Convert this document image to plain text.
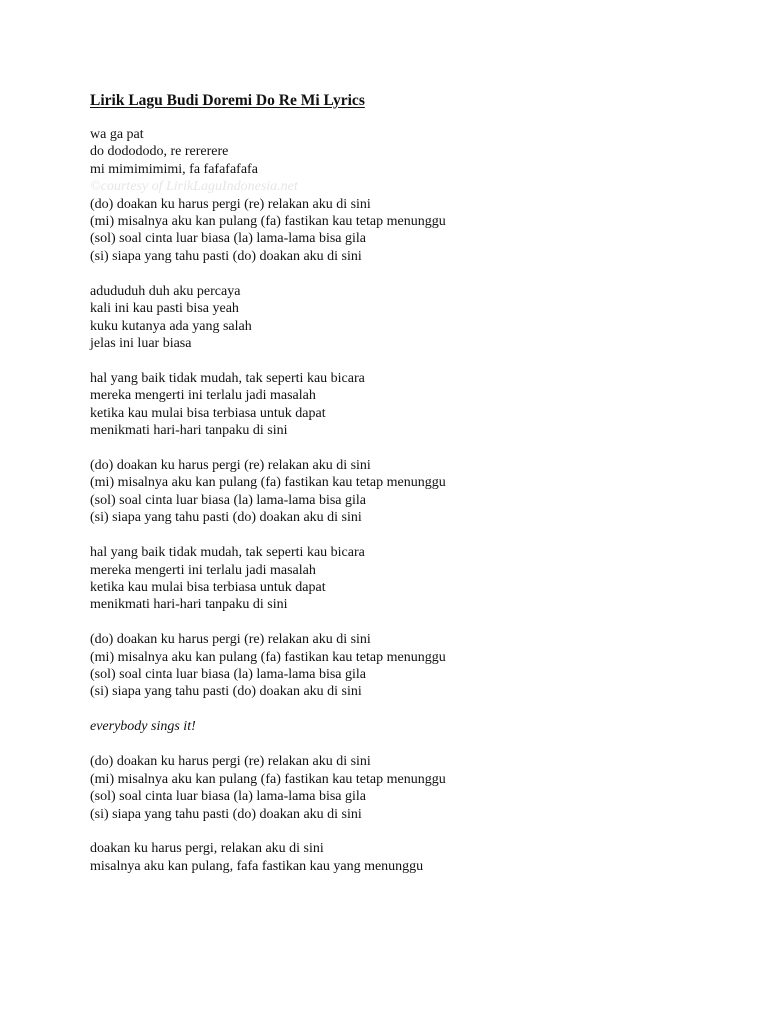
Lirik Lagu Budi Doremi Do Re Mi Lyrics
wa ga pat
do dodododo, re rererere
mi mimimimimi, fa fafafafafa
©courtesy of LirikLaguIndonesia.net
(do) doakan ku harus pergi (re) relakan aku di sini
(mi) misalnya aku kan pulang (fa) fastikan kau tetap menunggu
(sol) soal cinta luar biasa (la) lama-lama bisa gila
(si) siapa yang tahu pasti (do) doakan aku di sini
adududuh duh aku percaya
kali ini kau pasti bisa yeah
kuku kutanya ada yang salah
jelas ini luar biasa
hal yang baik tidak mudah, tak seperti kau bicara
mereka mengerti ini terlalu jadi masalah
ketika kau mulai bisa terbiasa untuk dapat
menikmati hari-hari tanpaku di sini
(do) doakan ku harus pergi (re) relakan aku di sini
(mi) misalnya aku kan pulang (fa) fastikan kau tetap menunggu
(sol) soal cinta luar biasa (la) lama-lama bisa gila
(si) siapa yang tahu pasti (do) doakan aku di sini
hal yang baik tidak mudah, tak seperti kau bicara
mereka mengerti ini terlalu jadi masalah
ketika kau mulai bisa terbiasa untuk dapat
menikmati hari-hari tanpaku di sini
(do) doakan ku harus pergi (re) relakan aku di sini
(mi) misalnya aku kan pulang (fa) fastikan kau tetap menunggu
(sol) soal cinta luar biasa (la) lama-lama bisa gila
(si) siapa yang tahu pasti (do) doakan aku di sini
everybody sings it!
(do) doakan ku harus pergi (re) relakan aku di sini
(mi) misalnya aku kan pulang (fa) fastikan kau tetap menunggu
(sol) soal cinta luar biasa (la) lama-lama bisa gila
(si) siapa yang tahu pasti (do) doakan aku di sini
doakan ku harus pergi, relakan aku di sini
misalnya aku kan pulang, fafa fastikan kau yang menunggu
